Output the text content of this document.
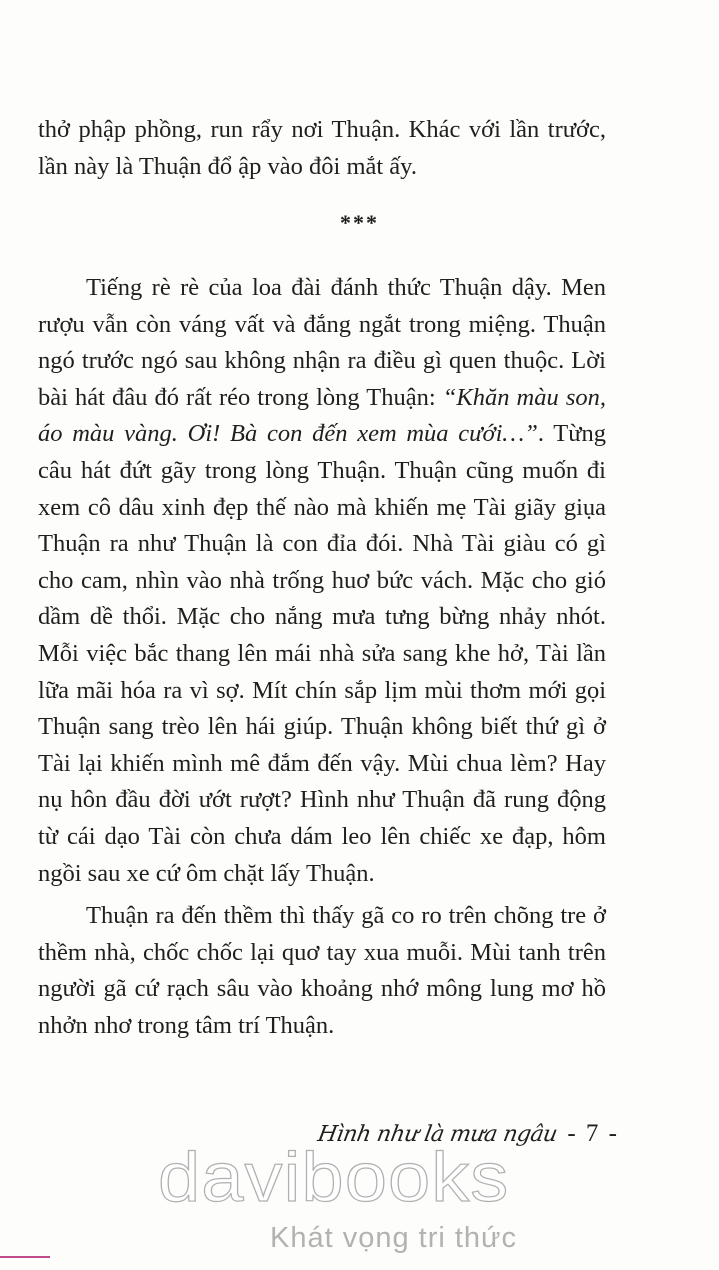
thở phập phồng, run rẩy nơi Thuận. Khác với lần trước, lần này là Thuận đổ ập vào đôi mắt ấy.

***

Tiếng rè rè của loa đài đánh thức Thuận dậy. Men rượu vẫn còn váng vất và đắng ngắt trong miệng. Thuận ngó trước ngó sau không nhận ra điều gì quen thuộc. Lời bài hát đâu đó rất réo trong lòng Thuận: “Khăn màu son, áo màu vàng. Ơi! Bà con đến xem mùa cưới…”. Từng câu hát đứt gãy trong lòng Thuận. Thuận cũng muốn đi xem cô dâu xinh đẹp thế nào mà khiến mẹ Tài giãy giụa Thuận ra như Thuận là con đỉa đói. Nhà Tài giàu có gì cho cam, nhìn vào nhà trống huơ bức vách. Mặc cho gió dầm dề thổi. Mặc cho nắng mưa tưng bừng nhảy nhót. Mỗi việc bắc thang lên mái nhà sửa sang khe hở, Tài lần lữa mãi hóa ra vì sợ. Mít chín sắp lịm mùi thơm mới gọi Thuận sang trèo lên hái giúp. Thuận không biết thứ gì ở Tài lại khiến mình mê đắm đến vậy. Mùi chua lèm? Hay nụ hôn đầu đời ướt rượt? Hình như Thuận đã rung động từ cái dạo Tài còn chưa dám leo lên chiếc xe đạp, hôm ngồi sau xe cứ ôm chặt lấy Thuận.

Thuận ra đến thềm thì thấy gã co ro trên chõng tre ở thềm nhà, chốc chốc lại quơ tay xua muỗi. Mùi tanh trên người gã cứ rạch sâu vào khoảng nhớ mông lung mơ hồ nhởn nhơ trong tâm trí Thuận.

Hình như là mưa ngâu - 7 -
davibooks
Khát vọng tri thức
